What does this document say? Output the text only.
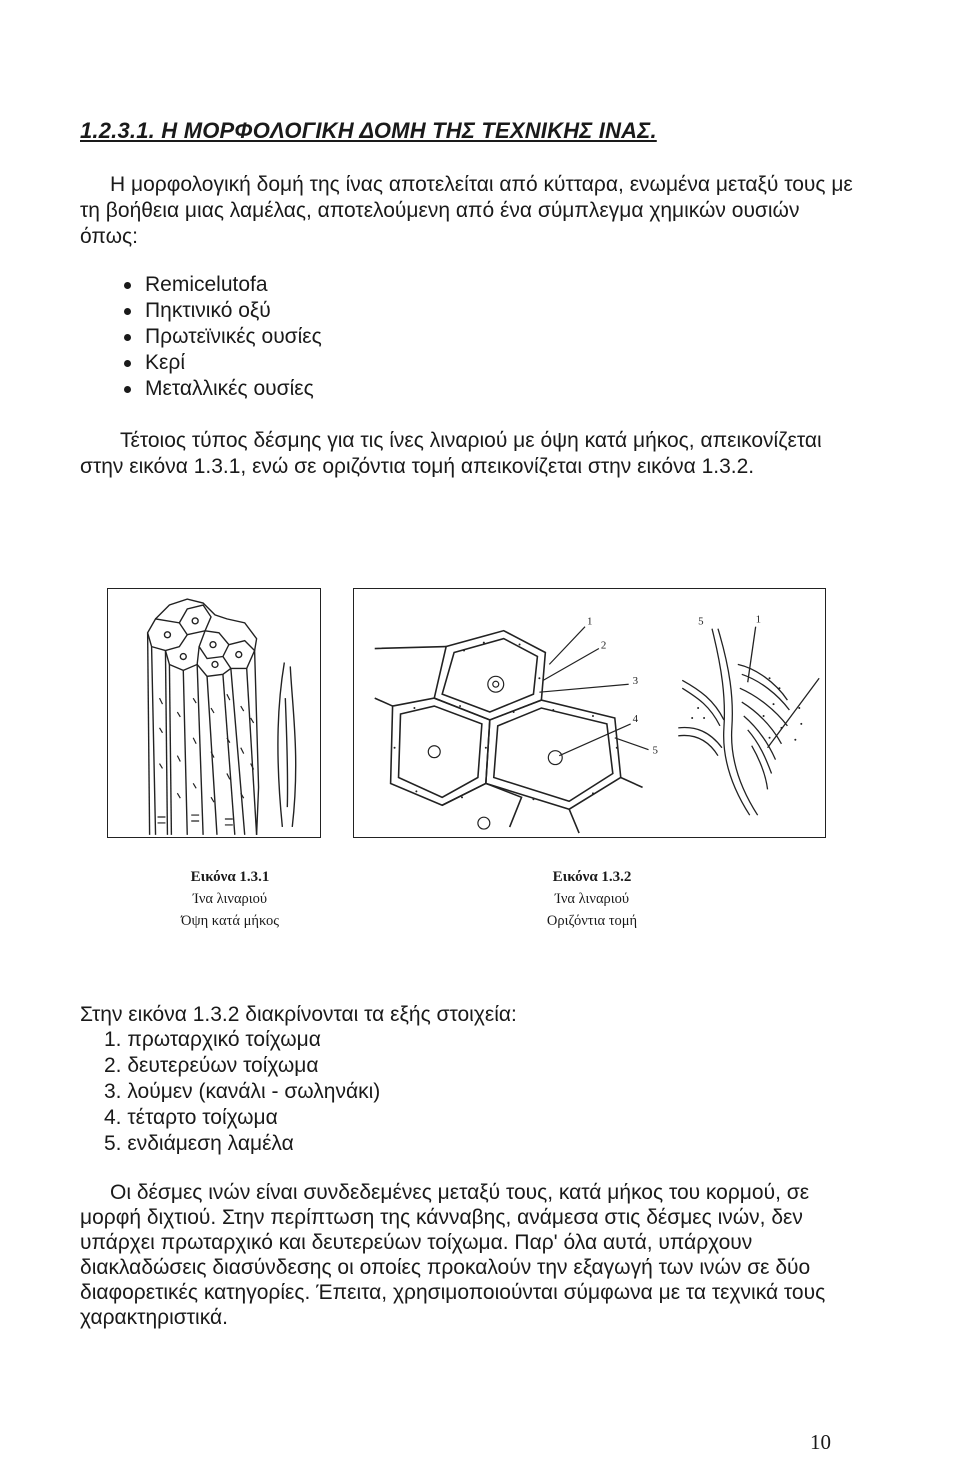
1.2.3.1. Η ΜΟΡΦΟΛΟΓΙΚΗ ΔΟΜΗ ΤΗΣ ΤΕΧΝΙΚΗΣ ΙΝΑΣ.

Η μορφολογική δομή της ίνας αποτελείται από κύτταρα, ενωμένα μεταξύ τους με τη βοήθεια μιας λαμέλας, αποτελούμενη από ένα σύμπλεγμα χημικών ουσιών όπως:

Remicelutofa
Πηκτινικό οξύ
Πρωτεϊνικές ουσίες
Κερί
Μεταλλικές ουσίες

Τέτοιος τύπος δέσμης για τις ίνες λιναριού με όψη κατά μήκος, απεικονίζεται στην εικόνα 1.3.1, ενώ σε οριζόντια τομή απεικονίζεται στην εικόνα 1.3.2.

1
2
3
4
5
5	1
Εικόνα 1.3.1
Ίνα λιναριού
Όψη κατά μήκος
Εικόνα 1.3.2
Ίνα λιναριού
Οριζόντια τομή

Στην εικόνα 1.3.2 διακρίνονται τα εξής στοιχεία:

1. πρωταρχικό τοίχωμα
2. δευτερεύων τοίχωμα
3. λούμεν (κανάλι - σωληνάκι)
4. τέταρτο τοίχωμα
5. ενδιάμεση λαμέλα

Οι δέσμες ινών είναι συνδεδεμένες μεταξύ τους, κατά μήκος του κορμού, σε μορφή διχτιού. Στην περίπτωση της κάνναβης, ανάμεσα στις δέσμες ινών, δεν υπάρχει πρωταρχικό και δευτερεύων τοίχωμα. Παρ' όλα αυτά, υπάρχουν διακλαδώσεις διασύνδεσης οι οποίες προκαλούν την εξαγωγή των ινών σε δύο διαφορετικές κατηγορίες. Έπειτα, χρησιμοποιούνται σύμφωνα με τα τεχνικά τους χαρακτηριστικά.

10
